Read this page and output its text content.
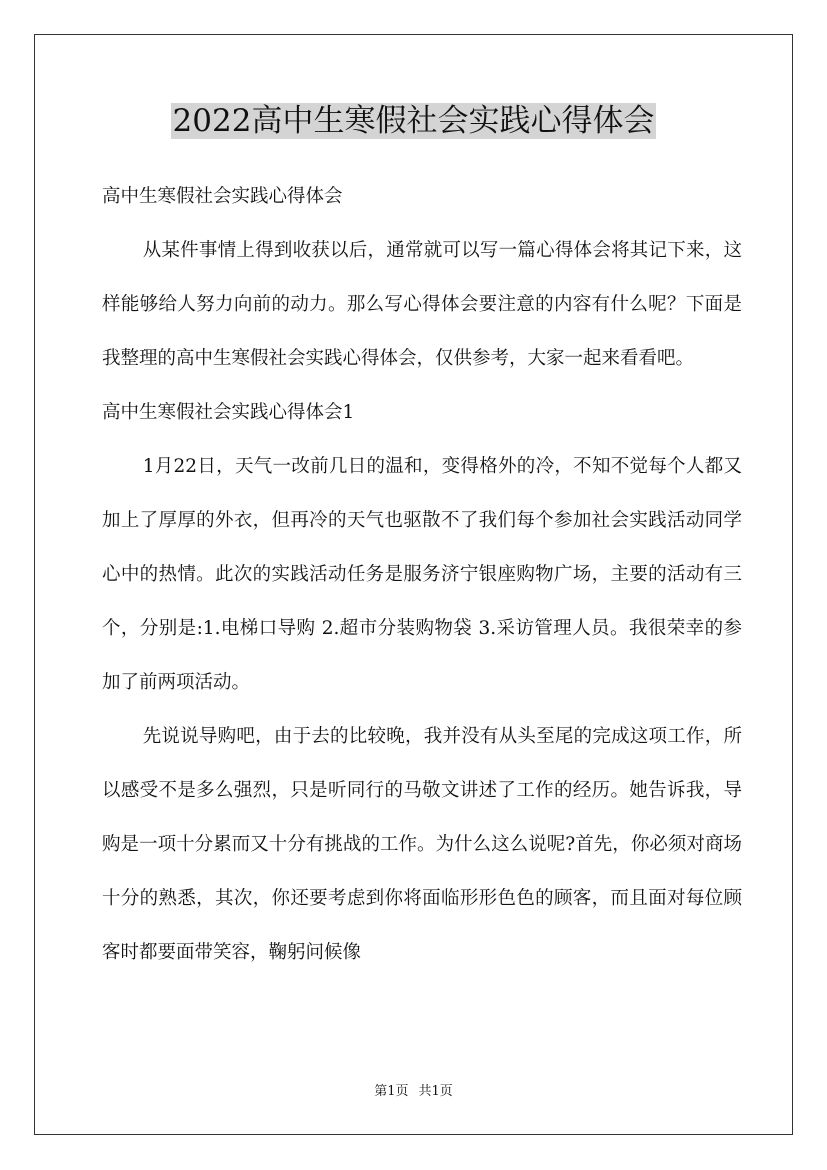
2022高中生寒假社会实践心得体会

高中生寒假社会实践心得体会

从某件事情上得到收获以后，通常就可以写一篇心得体会将其记下来，这样能够给人努力向前的动力。那么写心得体会要注意的内容有什么呢？下面是我整理的高中生寒假社会实践心得体会，仅供参考，大家一起来看看吧。

高中生寒假社会实践心得体会1

1月22日，天气一改前几日的温和，变得格外的冷，不知不觉每个人都又加上了厚厚的外衣，但再冷的天气也驱散不了我们每个参加社会实践活动同学心中的热情。此次的实践活动任务是服务济宁银座购物广场，主要的活动有三个，分别是:1.电梯口导购 2.超市分装购物袋 3.采访管理人员。我很荣幸的参加了前两项活动。

先说说导购吧，由于去的比较晚，我并没有从头至尾的完成这项工作，所以感受不是多么强烈，只是听同行的马敬文讲述了工作的经历。她告诉我，导购是一项十分累而又十分有挑战的工作。为什么这么说呢?首先，你必须对商场十分的熟悉，其次，你还要考虑到你将面临形形色色的顾客，而且面对每位顾客时都要面带笑容，鞠躬问候像

第1页 共1页
